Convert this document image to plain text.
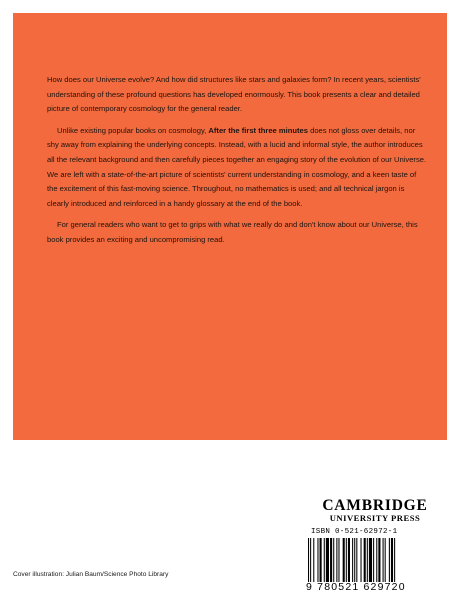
How does our Universe evolve? And how did structures like stars and galaxies form? In recent years, scientists' understanding of these profound questions has developed enormously. This book presents a clear and detailed picture of contemporary cosmology for the general reader.

Unlike existing popular books on cosmology, After the first three minutes does not gloss over details, nor shy away from explaining the underlying concepts. Instead, with a lucid and informal style, the author introduces all the relevant background and then carefully pieces together an engaging story of the evolution of our Universe. We are left with a state-of-the-art picture of scientists' current understanding in cosmology, and a keen taste of the excitement of this fast-moving science. Throughout, no mathematics is used; and all technical jargon is clearly introduced and reinforced in a handy glossary at the end of the book.

For general readers who want to get to grips with what we really do and don't know about our Universe, this book provides an exciting and uncompromising read.

CAMBRIDGE
UNIVERSITY PRESS
ISBN 0-521-62972-1
9 780521 629720
Cover illustration: Julian Baum/Science Photo Library
